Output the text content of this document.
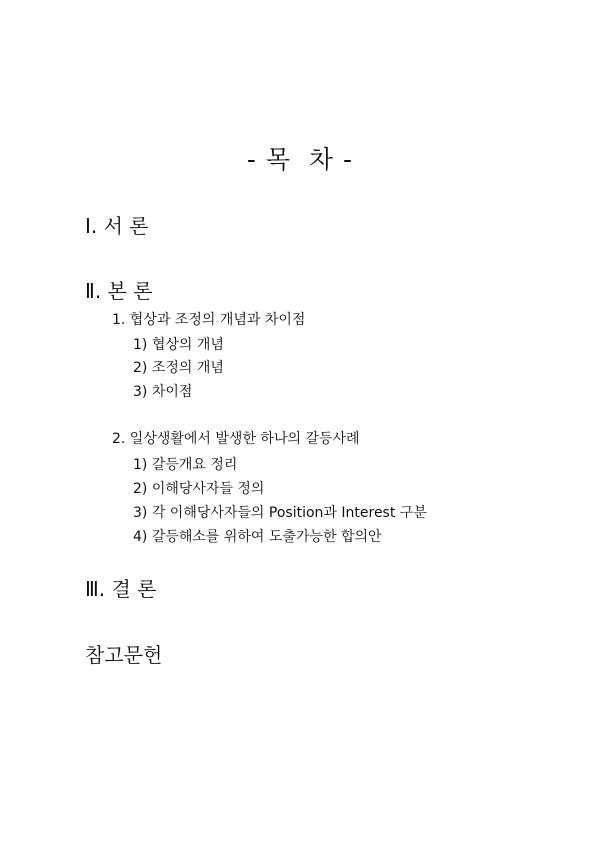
- 목  차 -
Ⅰ. 서 론
Ⅱ. 본 론
1. 협상과 조정의 개념과 차이점
1) 협상의 개념
2) 조정의 개념
3) 차이점
2. 일상생활에서 발생한 하나의 갈등사례
1) 갈등개요 정리
2) 이해당사자들 정의
3) 각 이해당사자들의 Position과 Interest 구분
4) 갈등해소를 위하여 도출가능한 합의안
Ⅲ. 결 론
참고문헌
